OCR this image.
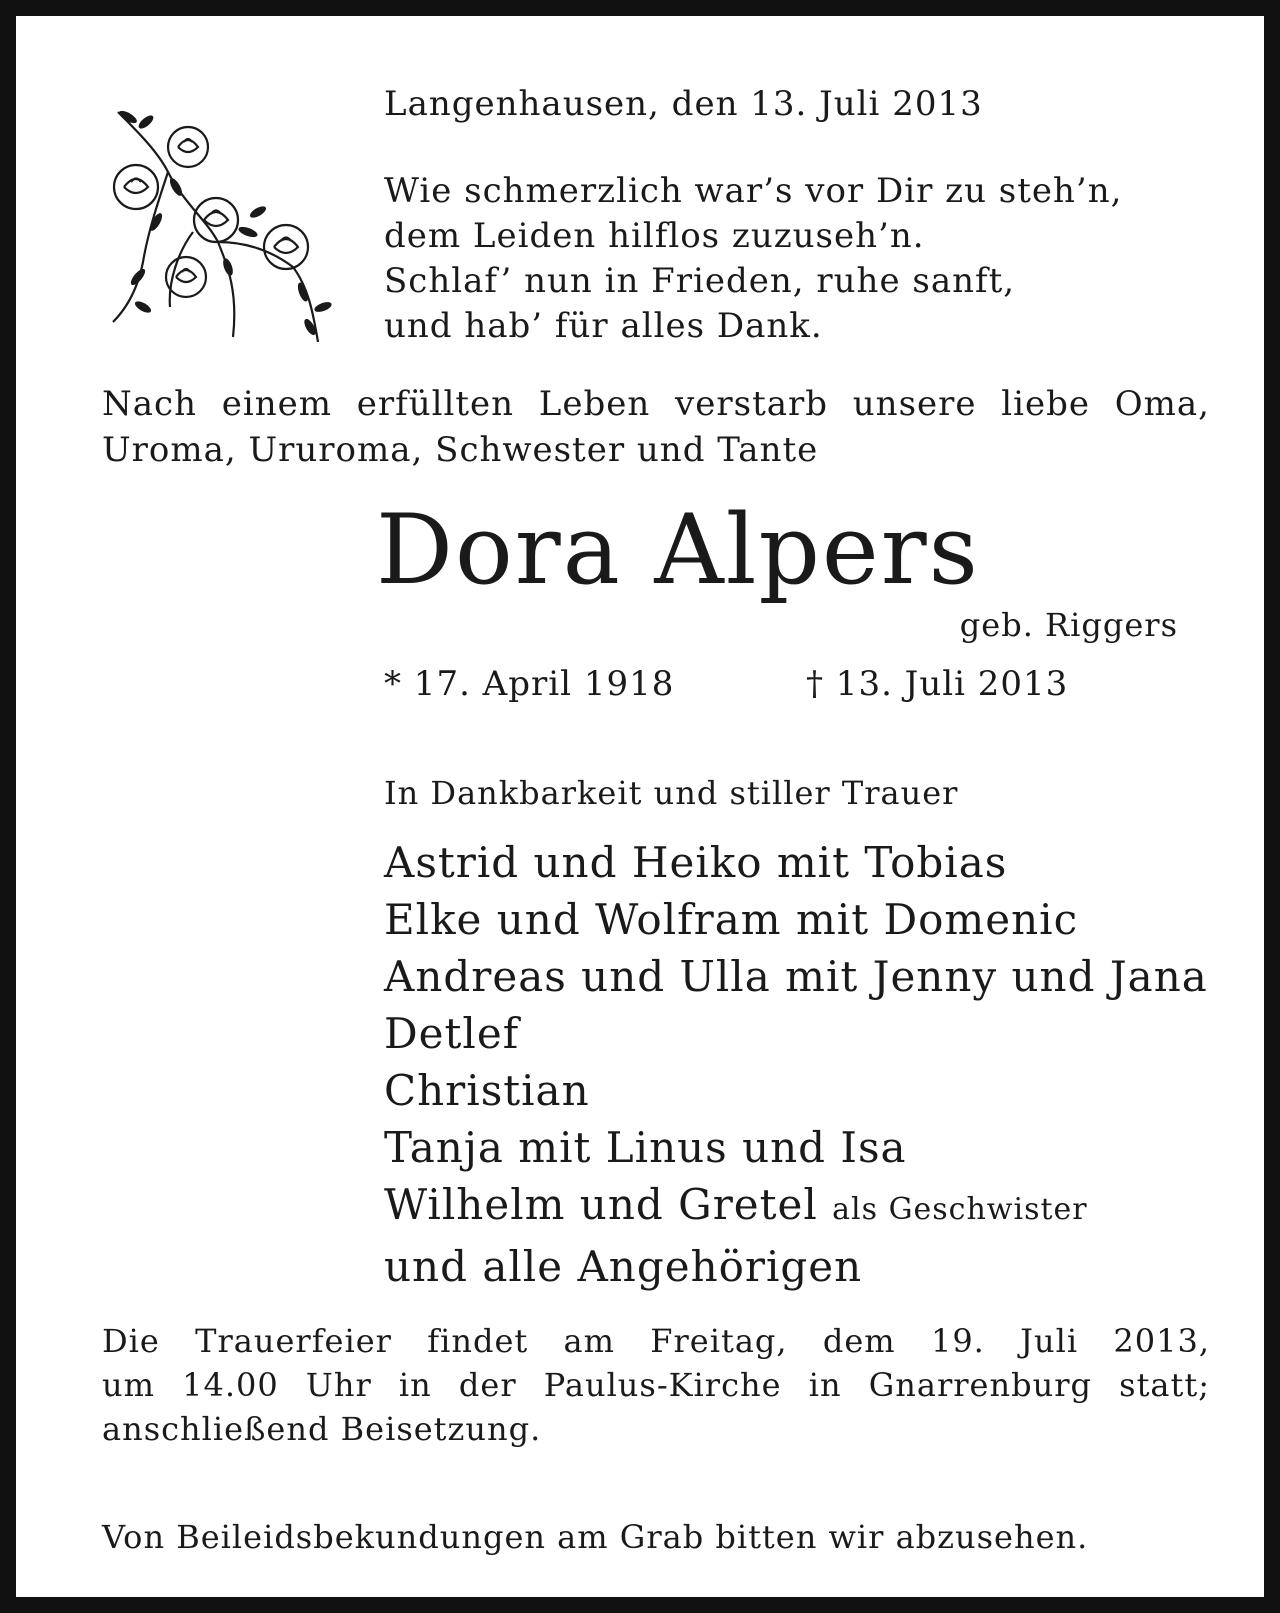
Langenhausen, den 13. Juli 2013
Wie schmerzlich war’s vor Dir zu steh’n,
dem Leiden hilflos zuzuseh’n.
Schlaf’ nun in Frieden, ruhe sanft,
und hab’ für alles Dank.
Nach einem erfüllten Leben verstarb unsere liebe Oma,
Uroma, Ururoma, Schwester und Tante
Dora Alpers
geb. Riggers
* 17. April 1918	† 13. Juli 2013
In Dankbarkeit und stiller Trauer
Astrid und Heiko mit Tobias
Elke und Wolfram mit Domenic
Andreas und Ulla mit Jenny und Jana
Detlef
Christian
Tanja mit Linus und Isa
Wilhelm und Gretel als Geschwister
und alle Angehörigen
Die Trauerfeier findet am Freitag, dem 19. Juli 2013,
um 14.00 Uhr in der Paulus-Kirche in Gnarrenburg statt;
anschließend Beisetzung.
Von Beileidsbekundungen am Grab bitten wir abzusehen.
